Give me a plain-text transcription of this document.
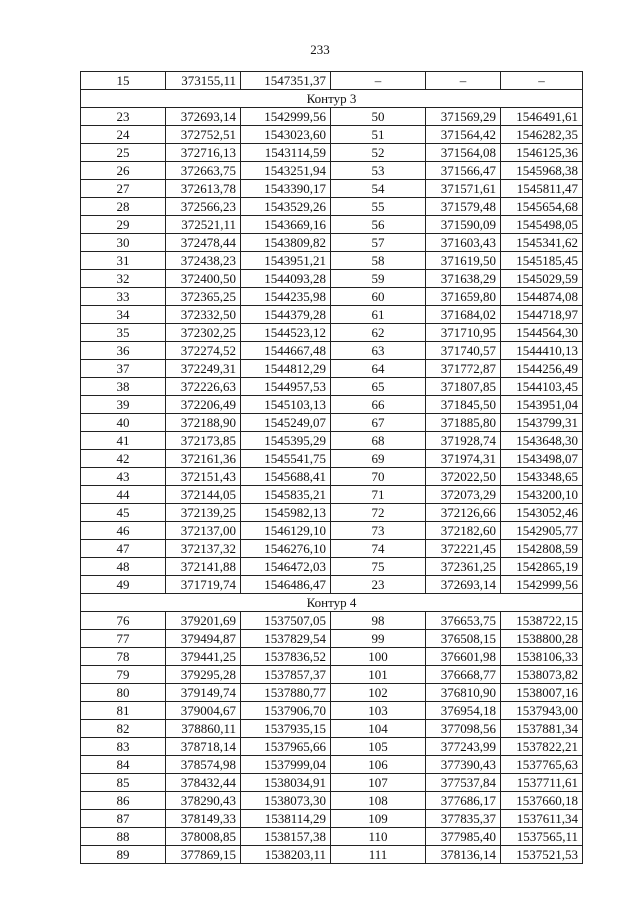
233
15	373155,11	1547351,37	–	–	–
Контур 3					
23	372693,14	1542999,56	50	371569,29	1546491,61
24	372752,51	1543023,60	51	371564,42	1546282,35
25	372716,13	1543114,59	52	371564,08	1546125,36
26	372663,75	1543251,94	53	371566,47	1545968,38
27	372613,78	1543390,17	54	371571,61	1545811,47
28	372566,23	1543529,26	55	371579,48	1545654,68
29	372521,11	1543669,16	56	371590,09	1545498,05
30	372478,44	1543809,82	57	371603,43	1545341,62
31	372438,23	1543951,21	58	371619,50	1545185,45
32	372400,50	1544093,28	59	371638,29	1545029,59
33	372365,25	1544235,98	60	371659,80	1544874,08
34	372332,50	1544379,28	61	371684,02	1544718,97
35	372302,25	1544523,12	62	371710,95	1544564,30
36	372274,52	1544667,48	63	371740,57	1544410,13
37	372249,31	1544812,29	64	371772,87	1544256,49
38	372226,63	1544957,53	65	371807,85	1544103,45
39	372206,49	1545103,13	66	371845,50	1543951,04
40	372188,90	1545249,07	67	371885,80	1543799,31
41	372173,85	1545395,29	68	371928,74	1543648,30
42	372161,36	1545541,75	69	371974,31	1543498,07
43	372151,43	1545688,41	70	372022,50	1543348,65
44	372144,05	1545835,21	71	372073,29	1543200,10
45	372139,25	1545982,13	72	372126,66	1543052,46
46	372137,00	1546129,10	73	372182,60	1542905,77
47	372137,32	1546276,10	74	372221,45	1542808,59
48	372141,88	1546472,03	75	372361,25	1542865,19
49	371719,74	1546486,47	23	372693,14	1542999,56
Контур 4					
76	379201,69	1537507,05	98	376653,75	1538722,15
77	379494,87	1537829,54	99	376508,15	1538800,28
78	379441,25	1537836,52	100	376601,98	1538106,33
79	379295,28	1537857,37	101	376668,77	1538073,82
80	379149,74	1537880,77	102	376810,90	1538007,16
81	379004,67	1537906,70	103	376954,18	1537943,00
82	378860,11	1537935,15	104	377098,56	1537881,34
83	378718,14	1537965,66	105	377243,99	1537822,21
84	378574,98	1537999,04	106	377390,43	1537765,63
85	378432,44	1538034,91	107	377537,84	1537711,61
86	378290,43	1538073,30	108	377686,17	1537660,18
87	378149,33	1538114,29	109	377835,37	1537611,34
88	378008,85	1538157,38	110	377985,40	1537565,11
89	377869,15	1538203,11	111	378136,14	1537521,53
